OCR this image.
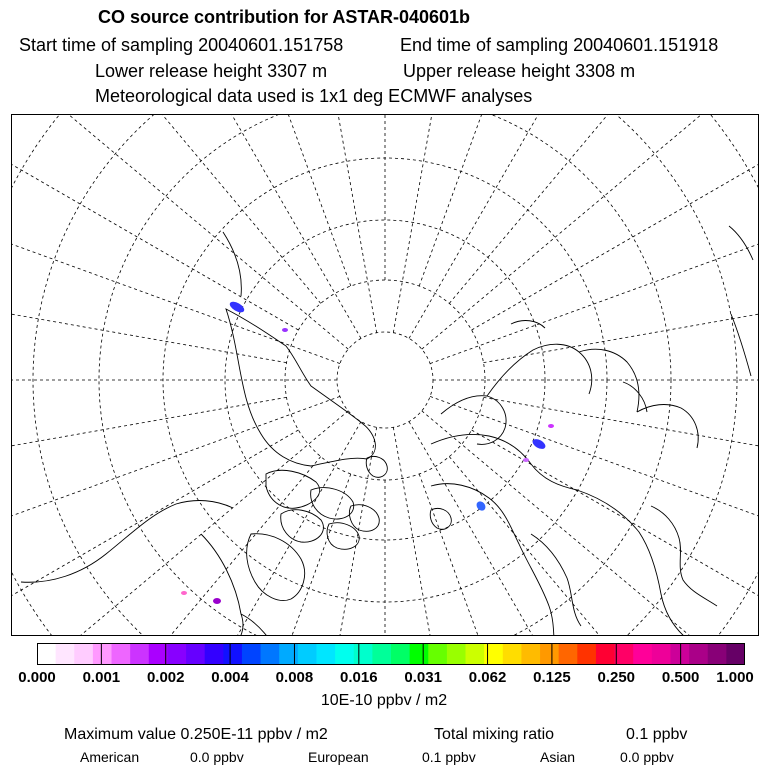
CO source contribution for ASTAR-040601b
Start time of sampling 20040601.151758	End time of sampling 20040601.151918
Lower release height 3307 m	Upper release height 3308 m
Meteorological data used is 1x1 deg ECMWF analyses
0.000 0.001 0.002 0.004 0.008 0.016 0.031 0.062 0.125 0.250 0.500 1.000
10E-10 ppbv / m2
Maximum value 0.250E-11 ppbv / m2	Total mixing ratio	0.1 ppbv
American	0.0 ppbv	European	0.1 ppbv	Asian	0.0 ppbv
